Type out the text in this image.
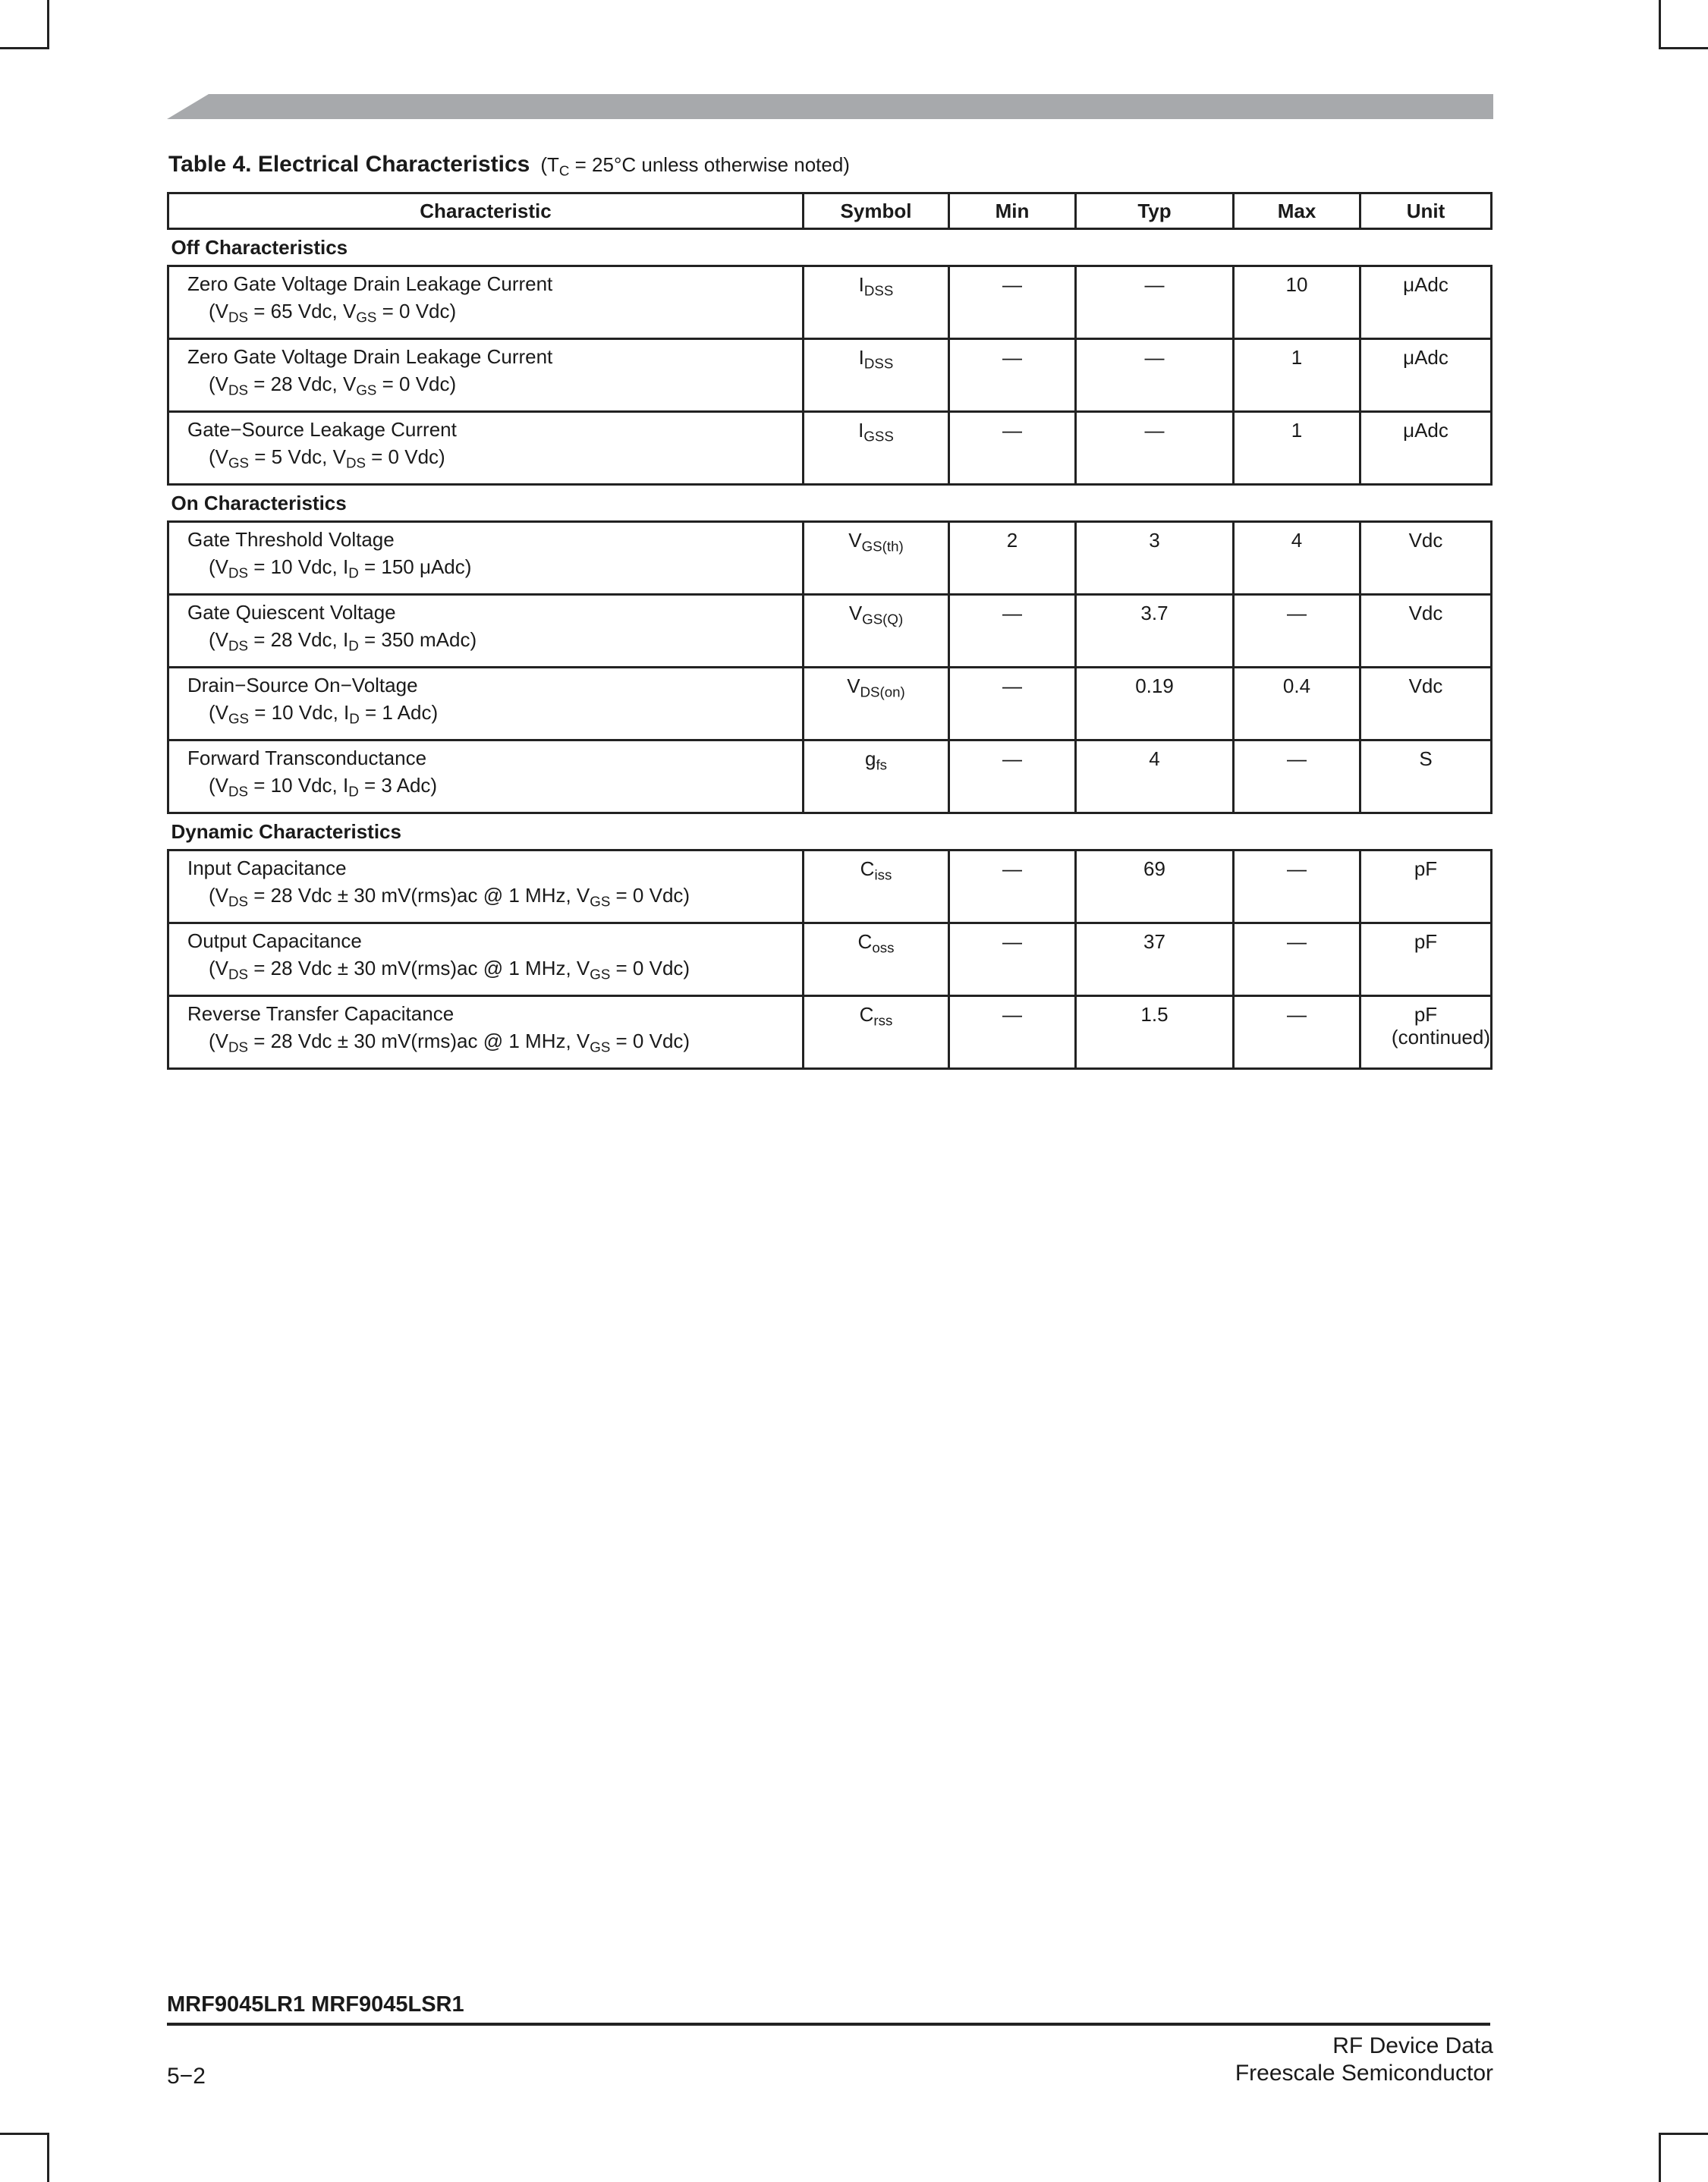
Table 4. Electrical Characteristics ($T_C = 25^\circ C$ unless otherwise noted)
Characteristic	Symbol	Min	Typ	Max	Unit
Off Characteristics					
Zero Gate Voltage Drain Leakage Current
($V_{DS} = 65$ Vdc, $V_{GS} = 0$ Vdc)	$I_{DSS}$	—	—	10	μAdc
Zero Gate Voltage Drain Leakage Current
($V_{DS} = 28$ Vdc, $V_{GS} = 0$ Vdc)	$I_{DSS}$	—	—	1	μAdc
Gate−Source Leakage Current
($V_{GS} = 5$ Vdc, $V_{DS} = 0$ Vdc)	$I_{GSS}$	—	—	1	μAdc
On Characteristics					
Gate Threshold Voltage
($V_{DS} = 10$ Vdc, $I_D = 150$ μAdc)	$V_{GS(th)}$	2	3	4	Vdc
Gate Quiescent Voltage
($V_{DS} = 28$ Vdc, $I_D = 350$ mAdc)	$V_{GS(Q)}$	—	3.7	—	Vdc
Drain−Source On−Voltage
($V_{GS} = 10$ Vdc, $I_D = 1$ Adc)	$V_{DS(on)}$	—	0.19	0.4	Vdc
Forward Transconductance
($V_{DS} = 10$ Vdc, $I_D = 3$ Adc)	$g_{fs}$	—	4	—	S
Dynamic Characteristics					
Input Capacitance
($V_{DS} = 28$ Vdc ± 30 mV(rms)ac @ 1 MHz, $V_{GS} = 0$ Vdc)	$C_{iss}$	—	69	—	pF
Output Capacitance
($V_{DS} = 28$ Vdc ± 30 mV(rms)ac @ 1 MHz, $V_{GS} = 0$ Vdc)	$C_{oss}$	—	37	—	pF
Reverse Transfer Capacitance
($V_{DS} = 28$ Vdc ± 30 mV(rms)ac @ 1 MHz, $V_{GS} = 0$ Vdc)	$C_{rss}$	—	1.5	—	pF
(continued)
MRF9045LR1 MRF9045LSR1
RF Device Data
Freescale Semiconductor
5−2
